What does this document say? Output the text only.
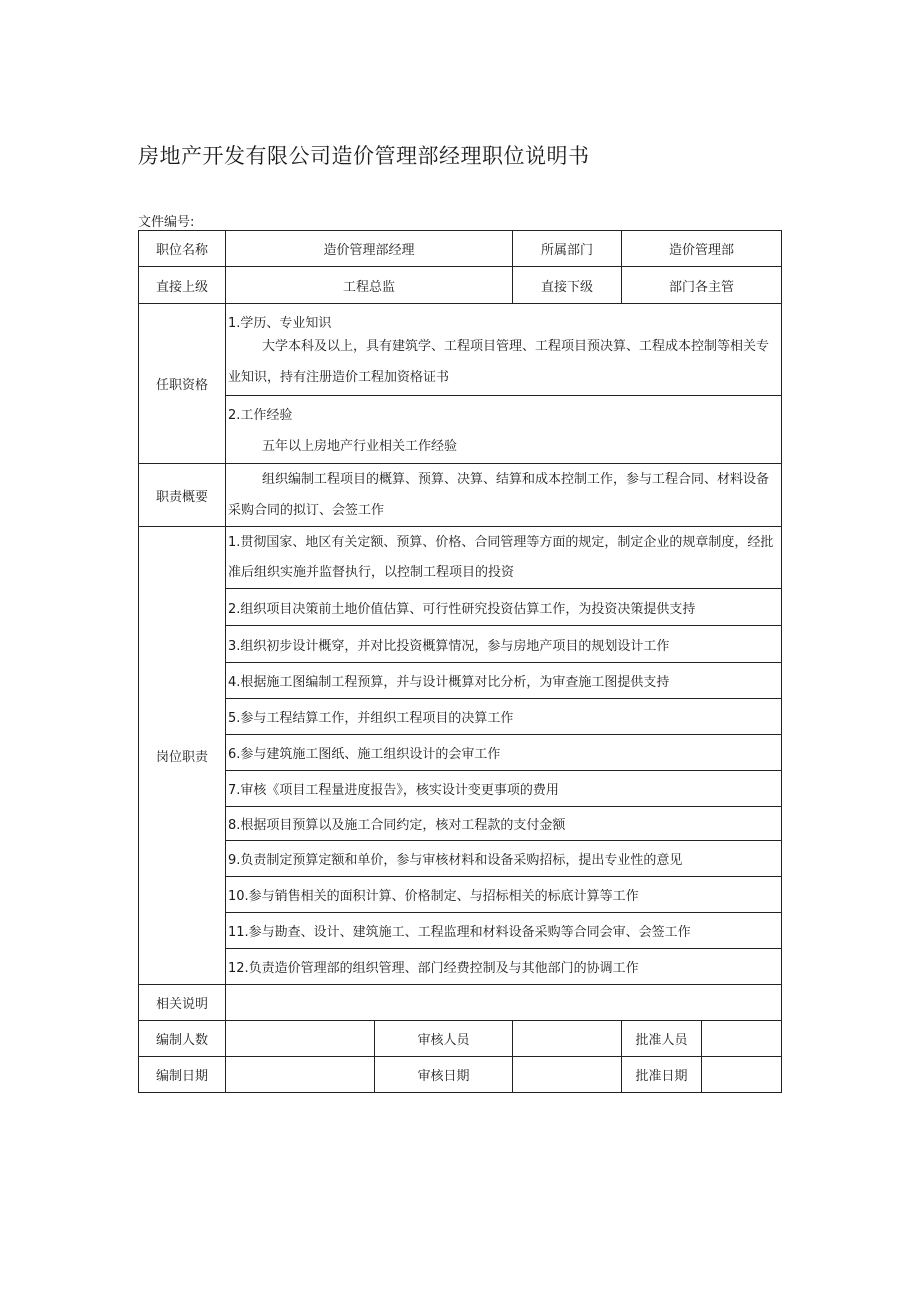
房地产开发有限公司造价管理部经理职位说明书
文件编号:
职位名称	造价管理部经理		所属部门	造价管理部	
直接上级	工程总监		直接下级	部门各主管	
任职资格	1.学历、专业知识
大学本科及以上，具有建筑学、工程项目管理、工程项目预决算、工程成本控制等相关专业知识，持有注册造价工程加资格证书				

	2.工作经验
五年以上房地产行业相关工作经验				

职责概要	组织编制工程项目的概算、预算、决算、结算和成本控制工作，参与工程合同、材料设备采购合同的拟订、会签工作				

岗位职责	1.贯彻国家、地区有关定额、预算、价格、合同管理等方面的规定，制定企业的规章制度，经批准后组织实施并监督执行，以控制工程项目的投资				
	2.组织项目决策前土地价值估算、可行性研究投资估算工作，为投资决策提供支持				
	3.组织初步设计概穿，并对比投资概算情况，参与房地产项目的规划设计工作				
	4.根据施工图编制工程预算，并与设计概算对比分析，为审查施工图提供支持				
	5.参与工程结算工作，并组织工程项目的决算工作				
	6.参与建筑施工图纸、施工组织设计的会审工作				
	7.审核《项目工程量进度报告》，核实设计变更事项的费用				
	8.根据项目预算以及施工合同约定，核对工程款的支付金额				
	9.负责制定预算定额和单价，参与审核材料和设备采购招标，提出专业性的意见				
	10.参与销售相关的面积计算、价格制定、与招标相关的标底计算等工作				
	11.参与勘查、设计、建筑施工、工程监理和材料设备采购等合同会审、会签工作				
	12.负责造价管理部的组织管理、部门经费控制及与其他部门的协调工作				
相关说明					
编制人数		审核人员		批准人员	
编制日期		审核日期		批准日期	
